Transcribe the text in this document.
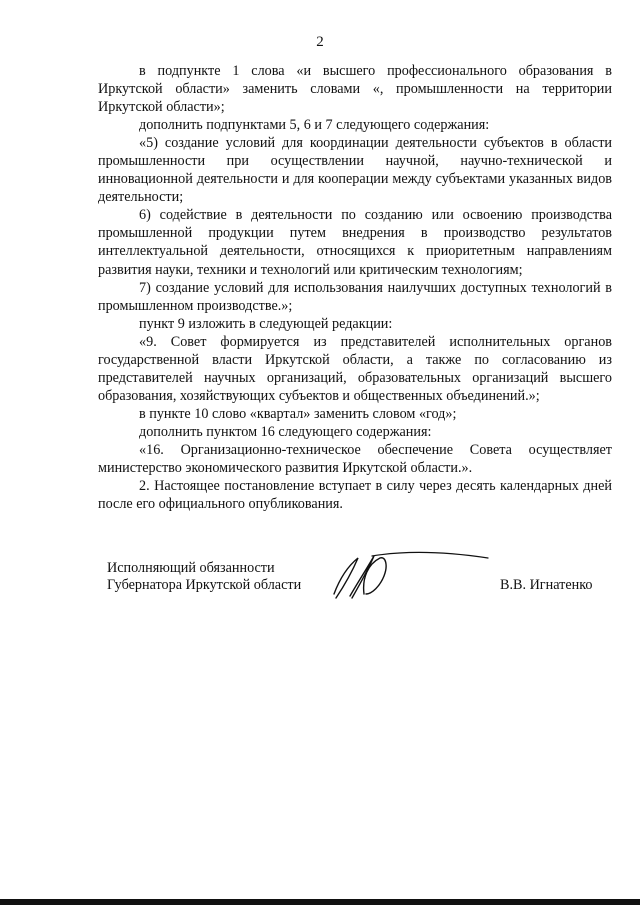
2

в подпункте 1 слова «и высшего профессионального образования в Иркутской области» заменить словами «, промышленности на территории Иркутской области»;

дополнить подпунктами 5, 6 и 7 следующего содержания:

«5) создание условий для координации деятельности субъектов в области промышленности при осуществлении научной, научно-технической и инновационной деятельности и для кооперации между субъектами указанных видов деятельности;

6) содействие в деятельности по созданию или освоению производства промышленной продукции путем внедрения в производство результатов интеллектуальной деятельности, относящихся к приоритетным направлениям развития науки, техники и технологий или критическим технологиям;

7) создание условий для использования наилучших доступных технологий в промышленном производстве.»;

пункт 9 изложить в следующей редакции:

«9. Совет формируется из представителей исполнительных органов государственной власти Иркутской области, а также по согласованию из представителей научных организаций, образовательных организаций высшего образования, хозяйствующих субъектов и общественных объединений.»;

в пункте 10 слово «квартал» заменить словом «год»;

дополнить пунктом 16 следующего содержания:

«16. Организационно-техническое обеспечение Совета осуществляет министерство экономического развития Иркутской области.».

2. Настоящее постановление вступает в силу через десять календарных дней после его официального опубликования.

Исполняющий обязанности
Губернатора Иркутской области	В.В. Игнатенко
